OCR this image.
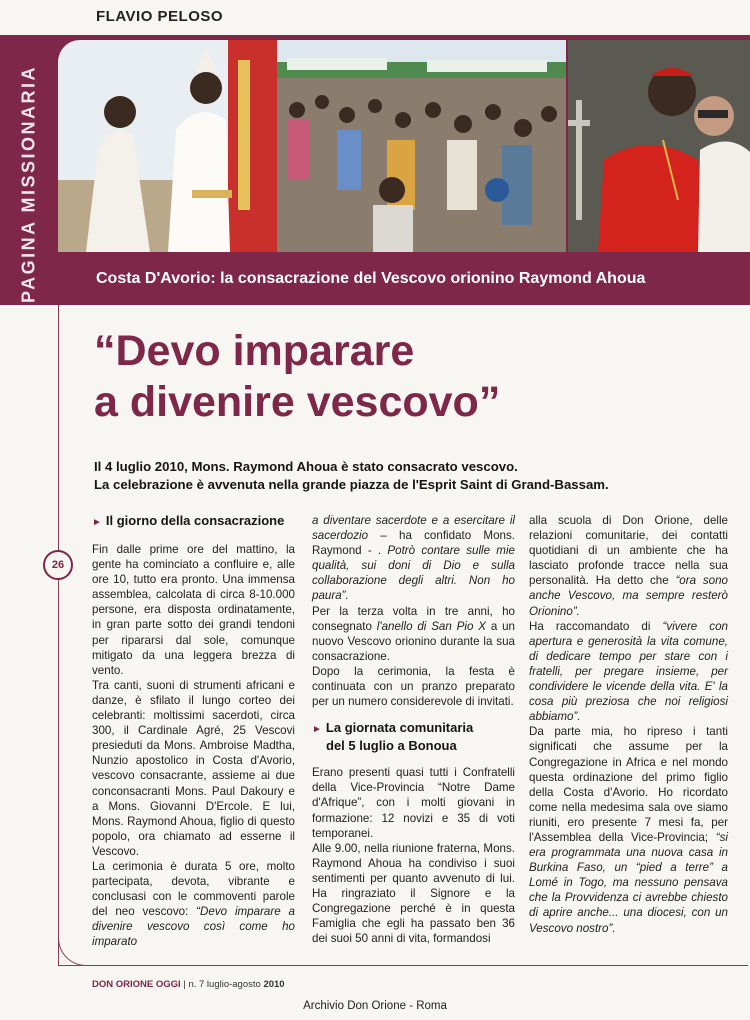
FLAVIO PELOSO
PAGINA MISSIONARIA	Costa D'Avorio: la consacrazione del Vescovo orionino Raymond Ahoua
“Devo imparare
a divenire vescovo”
Il 4 luglio 2010, Mons. Raymond Ahoua è stato consacrato vescovo.
La celebrazione è avvenuta nella grande piazza de l'Esprit Saint di Grand-Bassam.
26
► Il giorno della consacrazione

Fin dalle prime ore del mattino, la gente ha cominciato a confluire e, alle ore 10, tutto era pronto. Una immensa assemblea, calcolata di circa 8-10.000 persone, era disposta ordinatamente, in gran parte sotto dei grandi tendoni per ripararsi dal sole, comunque mitigato da una leggera brezza di vento.

Tra canti, suoni di strumenti africani e danze, è sfilato il lungo corteo dei celebranti: moltissimi sacerdoti, circa 300, il Cardinale Agré, 25 Vescovi presieduti da Mons. Ambroise Madtha, Nunzio apostolico in Costa d'Avorio, vescovo consacrante, assieme ai due conconsacranti Mons. Paul Dakoury e a Mons. Giovanni D'Ercole. E lui, Mons. Raymond Ahoua, figlio di questo popolo, ora chiamato ad esserne il Vescovo.

La cerimonia è durata 5 ore, molto partecipata, devota, vibrante e conclusasi con le commoventi parole del neo vescovo: “Devo imparare a divenire vescovo così come ho imparato

a diventare sacerdote e a esercitare il sacerdozio – ha confidato Mons. Raymond - . Potrò contare sulle mie qualità, sui doni di Dio e sulla collaborazione degli altri. Non ho paura”.

Per la terza volta in tre anni, ho consegnato l'anello di San Pio X a un nuovo Vescovo orionino durante la sua consacrazione.

Dopo la cerimonia, la festa è continuata con un pranzo preparato per un numero considerevole di invitati.

► La giornata comunitaria
del 5 luglio a Bonoua

Erano presenti quasi tutti i Confratelli della Vice-Provincia “Notre Dame d'Afrique”, con i molti giovani in formazione: 12 novizi e 35 di voti temporanei.

Alle 9.00, nella riunione fraterna, Mons. Raymond Ahoua ha condiviso i suoi sentimenti per quanto avvenuto di lui. Ha ringraziato il Signore e la Congregazione perché è in questa Famiglia che egli ha passato ben 36 dei suoi 50 anni di vita, formandosi

alla scuola di Don Orione, delle relazioni comunitarie, dei contatti quotidiani di un ambiente che ha lasciato profonde tracce nella sua personalità. Ha detto che “ora sono anche Vescovo, ma sempre resterò Orionino”.

Ha raccomandato di “vivere con apertura e generosità la vita comune, di dedicare tempo per stare con i fratelli, per pregare insieme, per condividere le vicende della vita. E' la cosa più preziosa che noi religiosi abbiamo”.

Da parte mia, ho ripreso i tanti significati che assume per la Congregazione in Africa e nel mondo questa ordinazione del primo figlio della Costa d'Avorio. Ho ricordato come nella medesima sala ove siamo riuniti, ero presente 7 mesi fa, per l'Assemblea della Vice-Provincia; “si era programmata una nuova casa in Burkina Faso, un “pied a terre” a Lomé in Togo, ma nessuno pensava che la Provvidenza ci avrebbe chiesto di aprire anche... una diocesi, con un Vescovo nostro”.

DON ORIONE OGGI | n. 7 luglio-agosto 2010
Archivio Don Orione - Roma
